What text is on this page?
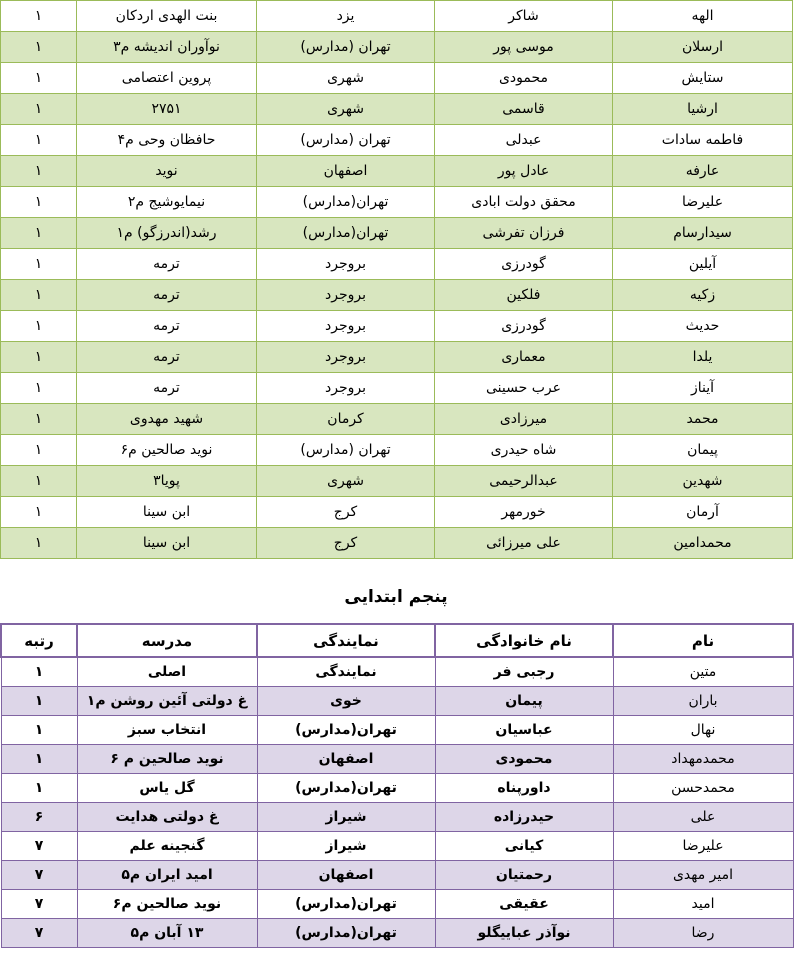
الهه	شاکر	یزد	بنت الهدی اردکان	۱
ارسلان	موسی پور	تهران (مدارس)	نوآوران اندیشه م۳	۱
ستایش	محمودی	شهری	پروین اعتصامی	۱
ارشیا	قاسمی	شهری	۲۷۵۱	۱
فاطمه سادات	عبدلی	تهران (مدارس)	حافظان وحی م۴	۱
عارفه	عادل پور	اصفهان	نوید	۱
علیرضا	محقق دولت ابادی	تهران(مدارس)	نیمایوشیج م۲	۱
سیدارسام	فرزان تفرشی	تهران(مدارس)	رشد(اندرزگو) م۱	۱
آیلین	گودرزی	بروجرد	ترمه	۱
زکیه	فلکین	بروجرد	ترمه	۱
حدیث	گودرزی	بروجرد	ترمه	۱
یلدا	معماری	بروجرد	ترمه	۱
آیناز	عرب حسینی	بروجرد	ترمه	۱
محمد	میرزادی	کرمان	شهید مهدوی	۱
پیمان	شاه حیدری	تهران (مدارس)	نوید صالحین م۶	۱
شهدین	عبدالرحیمی	شهری	پویا۳	۱
آرمان	خورمهر	کرج	ابن سینا	۱
محمدامین	علی میرزائی	کرج	ابن سینا	۱
پنجم ابتدایی
نام	نام خانوادگی	نمایندگی	مدرسه	رتبه
متین	رجبی فر	نمایندگی	اصلی	۱
باران	پیمان	خوی	غ دولتی آئین روشن م۱	۱
نهال	عباسیان	تهران(مدارس)	انتخاب سبز	۱
محمدمهداد	محمودی	اصفهان	نوید صالحین م ۶	۱
محمدحسن	داورپناه	تهران(مدارس)	گل یاس	۱
علی	حیدرزاده	شیراز	غ دولتی هدایت	۶
علیرضا	کیانی	شیراز	گنجینه علم	۷
امیر مهدی	رحمتیان	اصفهان	امید ایران م۵	۷
امید	عقیقی	تهران(مدارس)	نوید صالحین م۶	۷
رضا	نوآذر عباییگلو	تهران(مدارس)	۱۳ آبان م۵	۷
